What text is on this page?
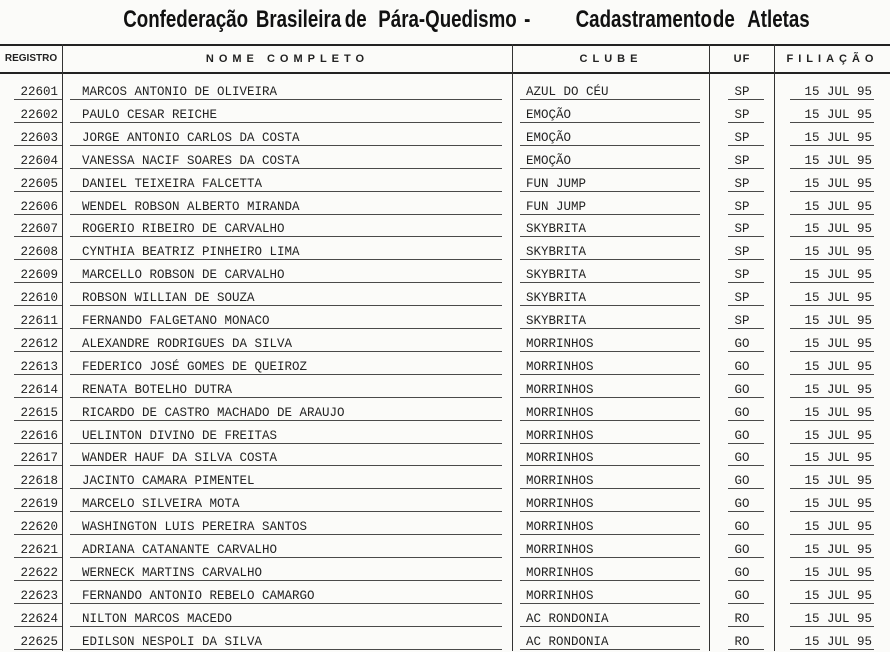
Confederação Brasileira de Pára-Quedismo - Cadastramento de Atletas
REGISTRO	NOME COMPLETO	CLUBE	UF	FILIAÇÃO
22601 MARCOS ANTONIO DE OLIVEIRA	AZUL DO CÉU	SP	15 JUL 95
22602 PAULO CESAR REICHE	EMOÇÃO	SP	15 JUL 95
22603 JORGE ANTONIO CARLOS DA COSTA	EMOÇÃO	SP	15 JUL 95
22604 VANESSA NACIF SOARES DA COSTA	EMOÇÃO	SP	15 JUL 95
22605 DANIEL TEIXEIRA FALCETTA	FUN JUMP	SP	15 JUL 95
22606 WENDEL ROBSON ALBERTO MIRANDA	FUN JUMP	SP	15 JUL 95
22607 ROGERIO RIBEIRO DE CARVALHO	SKYBRITA	SP	15 JUL 95
22608 CYNTHIA BEATRIZ PINHEIRO LIMA	SKYBRITA	SP	15 JUL 95
22609 MARCELLO ROBSON DE CARVALHO	SKYBRITA	SP	15 JUL 95
22610 ROBSON WILLIAN DE SOUZA	SKYBRITA	SP	15 JUL 95
22611 FERNANDO FALGETANO MONACO	SKYBRITA	SP	15 JUL 95
22612 ALEXANDRE RODRIGUES DA SILVA	MORRINHOS	GO	15 JUL 95
22613 FEDERICO JOSÉ GOMES DE QUEIROZ	MORRINHOS	GO	15 JUL 95
22614 RENATA BOTELHO DUTRA	MORRINHOS	GO	15 JUL 95
22615 RICARDO DE CASTRO MACHADO DE ARAUJO	MORRINHOS	GO	15 JUL 95
22616 UELINTON DIVINO DE FREITAS	MORRINHOS	GO	15 JUL 95
22617 WANDER HAUF DA SILVA COSTA	MORRINHOS	GO	15 JUL 95
22618 JACINTO CAMARA PIMENTEL	MORRINHOS	GO	15 JUL 95
22619 MARCELO SILVEIRA MOTA	MORRINHOS	GO	15 JUL 95
22620 WASHINGTON LUIS PEREIRA SANTOS	MORRINHOS	GO	15 JUL 95
22621 ADRIANA CATANANTE CARVALHO	MORRINHOS	GO	15 JUL 95
22622 WERNECK MARTINS CARVALHO	MORRINHOS	GO	15 JUL 95
22623 FERNANDO ANTONIO REBELO CAMARGO	MORRINHOS	GO	15 JUL 95
22624 NILTON MARCOS MACEDO	AC RONDONIA	RO	15 JUL 95
22625 EDILSON NESPOLI DA SILVA	AC RONDONIA	RO	15 JUL 95
